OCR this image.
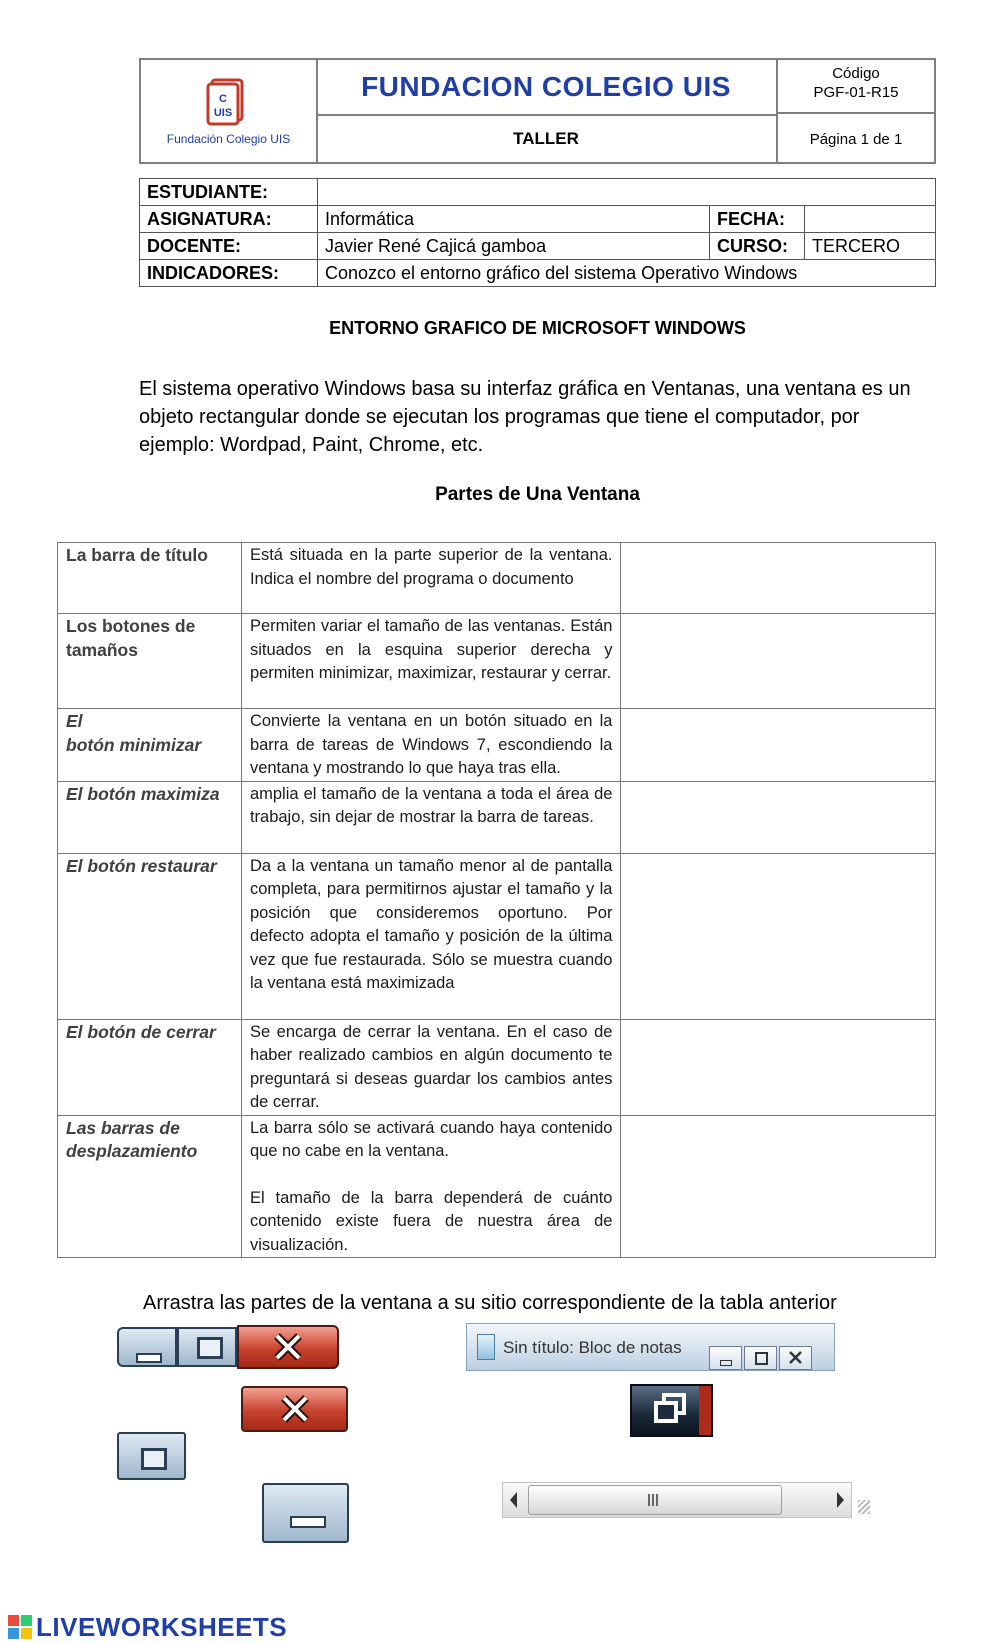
C
UIS
Fundación Colegio UIS
FUNDACION COLEGIO UIS	Código
PGF-01-R15
TALLER	Página 1 de 1
ESTUDIANTE:			
ASIGNATURA:	Informática	FECHA:	
DOCENTE:	Javier René Cajicá gamboa	CURSO:	TERCERO
INDICADORES:	Conozco el entorno gráfico del sistema Operativo Windows		
ENTORNO GRAFICO DE MICROSOFT WINDOWS
El sistema operativo Windows basa su interfaz gráfica en Ventanas, una ventana es un objeto rectangular donde se ejecutan los programas que tiene el computador, por ejemplo: Wordpad, Paint, Chrome, etc.
Partes de Una Ventana
La barra de título	Está situada en la parte superior de la ventana. Indica el nombre del programa o documento	
Los botones de tamaños	Permiten variar el tamaño de las ventanas. Están situados en la esquina superior derecha y permiten minimizar, maximizar, restaurar y cerrar.	

El
botón minimizar	Convierte la ventana en un botón situado en la barra de tareas de Windows 7, escondiendo la ventana y mostrando lo que haya tras ella.	
El botón maximiza	amplia el tamaño de la ventana a toda el área de trabajo, sin dejar de mostrar la barra de tareas.	
El botón restaurar	Da a la ventana un tamaño menor al de pantalla completa, para permitirnos ajustar el tamaño y la posición que consideremos oportuno. Por defecto adopta el tamaño y posición de la última vez que fue restaurada. Sólo se muestra cuando la ventana está maximizada	
El botón de cerrar	Se encarga de cerrar la ventana. En el caso de haber realizado cambios en algún documento te preguntará si deseas guardar los cambios antes de cerrar.	
Las barras de desplazamiento	La barra sólo se activará cuando haya contenido que no cabe en la ventana.
El tamaño de la barra dependerá de cuánto contenido existe fuera de nuestra área de visualización.	

Arrastra las partes de la ventana a su sitio correspondiente de la tabla anterior
Sin título: Bloc de notas
LIVEWORKSHEETS
